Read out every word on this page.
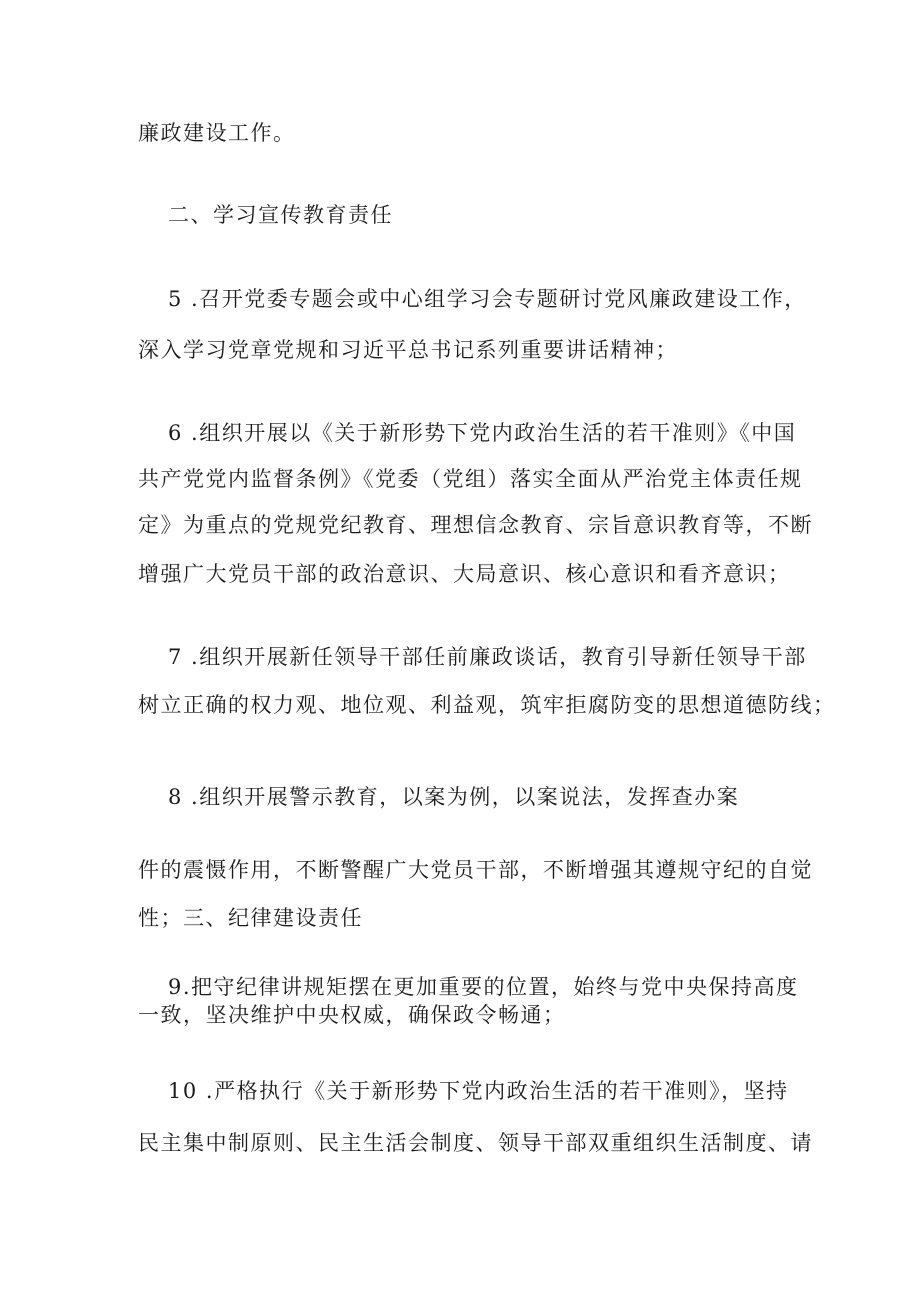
廉政建设工作。
二、学习宣传教育责任
5 .召开党委专题会或中心组学习会专题研讨党风廉政建设工作，
深入学习党章党规和习近平总书记系列重要讲话精神；
6 .组织开展以《关于新形势下党内政治生活的若干准则》《中国
共产党党内监督条例》《党委（党组）落实全面从严治党主体责任规
定》为重点的党规党纪教育、理想信念教育、宗旨意识教育等，不断
增强广大党员干部的政治意识、大局意识、核心意识和看齐意识；
7 .组织开展新任领导干部任前廉政谈话，教育引导新任领导干部
树立正确的权力观、地位观、利益观，筑牢拒腐防变的思想道德防线；
8 .组织开展警示教育，以案为例，以案说法，发挥查办案
件的震慑作用，不断警醒广大党员干部，不断增强其遵规守纪的自觉
性；三、纪律建设责任
9.把守纪律讲规矩摆在更加重要的位置，始终与党中央保持高度
一致，坚决维护中央权威，确保政令畅通；
10 .严格执行《关于新形势下党内政治生活的若干准则》，坚持
民主集中制原则、民主生活会制度、领导干部双重组织生活制度、请
